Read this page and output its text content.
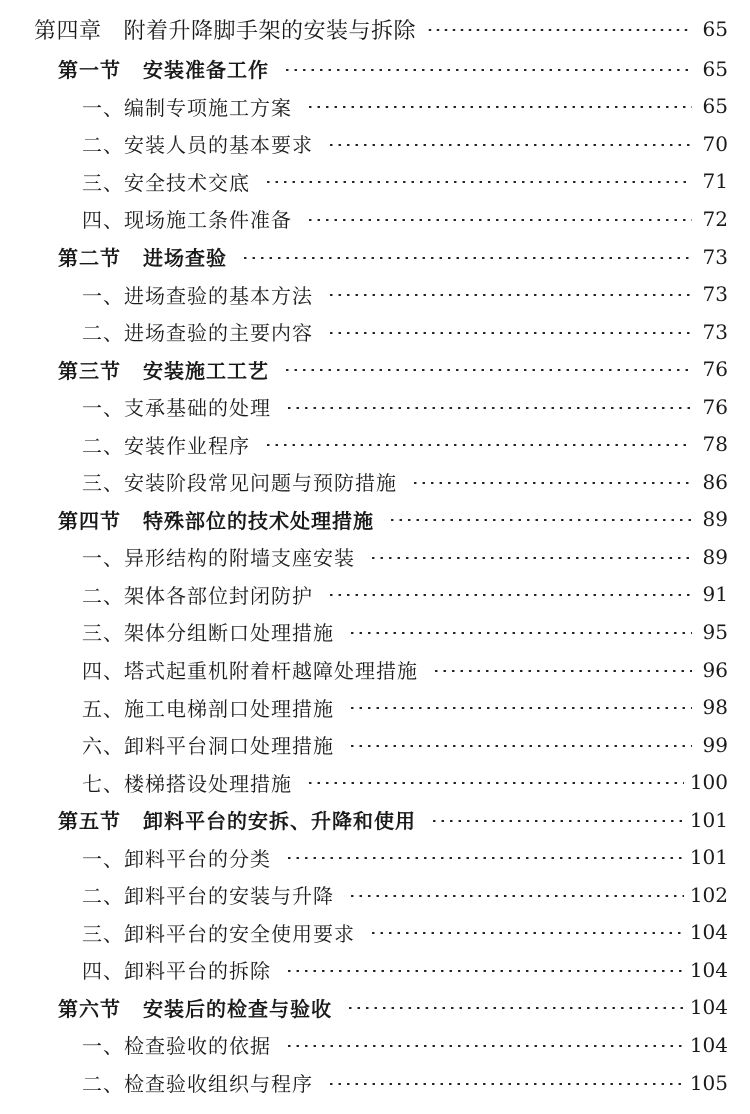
第四章 附着升降脚手架的安装与拆除	65
第一节 安装准备工作	65
一、编制专项施工方案	65
二、安装人员的基本要求	70
三、安全技术交底	71
四、现场施工条件准备	72
第二节 进场查验	73
一、进场查验的基本方法	73
二、进场查验的主要内容	73
第三节 安装施工工艺	76
一、支承基础的处理	76
二、安装作业程序	78
三、安装阶段常见问题与预防措施	86
第四节 特殊部位的技术处理措施	89
一、异形结构的附墙支座安装	89
二、架体各部位封闭防护	91
三、架体分组断口处理措施	95
四、塔式起重机附着杆越障处理措施	96
五、施工电梯剖口处理措施	98
六、卸料平台洞口处理措施	99
七、楼梯搭设处理措施	100
第五节 卸料平台的安拆、升降和使用	101
一、卸料平台的分类	101
二、卸料平台的安装与升降	102
三、卸料平台的安全使用要求	104
四、卸料平台的拆除	104
第六节 安装后的检查与验收	104
一、检查验收的依据	104
二、检查验收组织与程序	105
